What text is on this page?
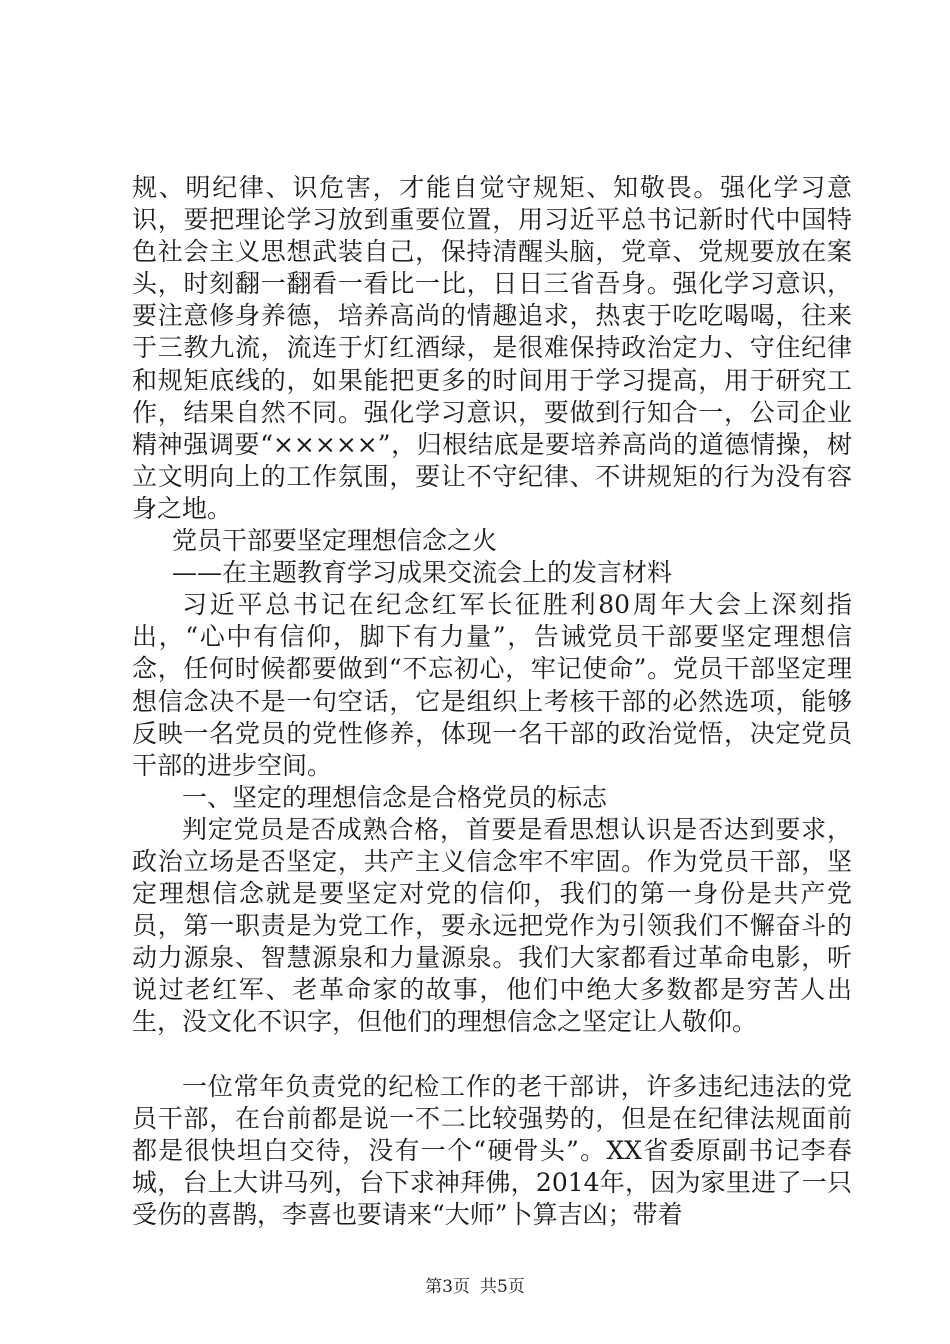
规、明纪律、识危害，才能自觉守规矩、知敬畏。强化学习意识，要把理论学习放到重要位置，用习近平总书记新时代中国特色社会主义思想武装自己，保持清醒头脑，党章、党规要放在案头，时刻翻一翻看一看比一比，日日三省吾身。强化学习意识，要注意修身养德，培养高尚的情趣追求，热衷于吃吃喝喝，往来于三教九流，流连于灯红酒绿，是很难保持政治定力、守住纪律和规矩底线的，如果能把更多的时间用于学习提高，用于研究工作，结果自然不同。强化学习意识，要做到行知合一，公司企业精神强调要“×××××”，归根结底是要培养高尚的道德情操，树立文明向上的工作氛围，要让不守纪律、不讲规矩的行为没有容身之地。

党员干部要坚定理想信念之火

——在主题教育学习成果交流会上的发言材料

习近平总书记在纪念红军长征胜利80周年大会上深刻指出，“心中有信仰，脚下有力量”，告诫党员干部要坚定理想信念，任何时候都要做到“不忘初心，牢记使命”。党员干部坚定理想信念决不是一句空话，它是组织上考核干部的必然选项，能够反映一名党员的党性修养，体现一名干部的政治觉悟，决定党员干部的进步空间。

一、坚定的理想信念是合格党员的标志

判定党员是否成熟合格，首要是看思想认识是否达到要求，政治立场是否坚定，共产主义信念牢不牢固。作为党员干部，坚定理想信念就是要坚定对党的信仰，我们的第一身份是共产党员，第一职责是为党工作，要永远把党作为引领我们不懈奋斗的动力源泉、智慧源泉和力量源泉。我们大家都看过革命电影，听说过老红军、老革命家的故事，他们中绝大多数都是穷苦人出生，没文化不识字，但他们的理想信念之坚定让人敬仰。

一位常年负责党的纪检工作的老干部讲，许多违纪违法的党员干部，在台前都是说一不二比较强势的，但是在纪律法规面前都是很快坦白交待，没有一个“硬骨头”。XX省委原副书记李春城，台上大讲马列，台下求神拜佛，2014年，因为家里进了一只受伤的喜鹊，李喜也要请来“大师”卜算吉凶；带着

第3页 共5页
